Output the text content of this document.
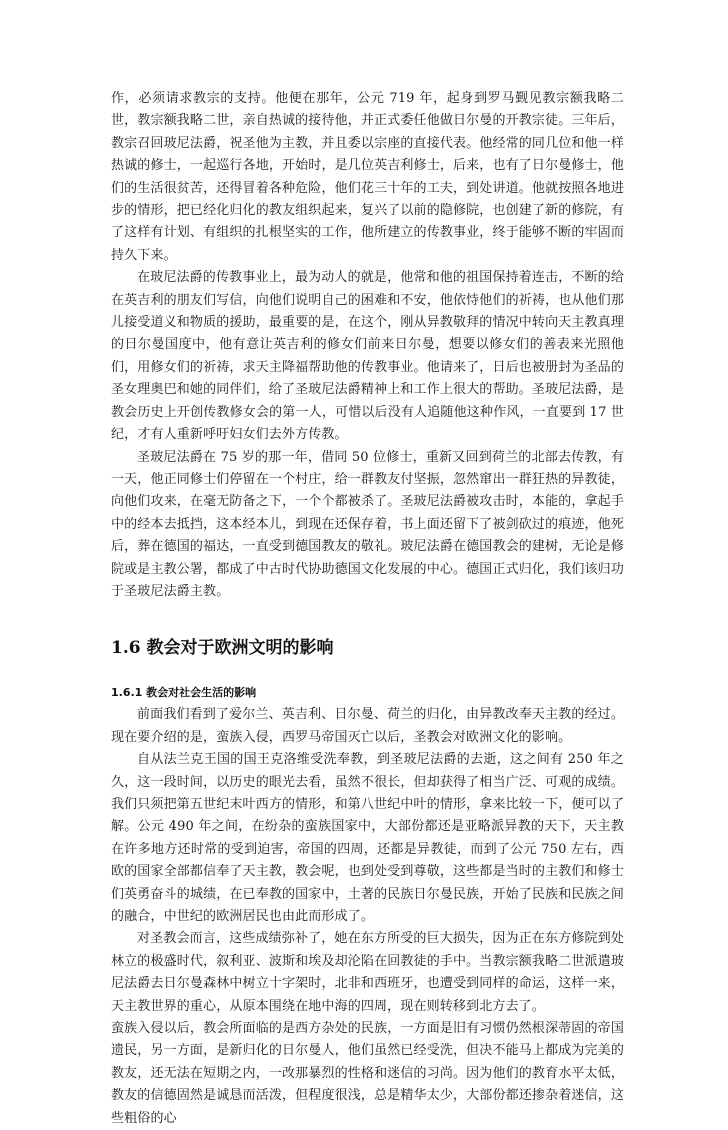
作，必须请求教宗的支持。他便在那年，公元 719 年，起身到罗马觐见教宗额我略二世，教宗额我略二世，亲自热诚的接待他，并正式委任他做日尔曼的开教宗徒。三年后，教宗召回玻尼法爵，祝圣他为主教，并且委以宗座的直接代表。他经常的同几位和他一样热诚的修士，一起巡行各地，开始时，是几位英吉利修士，后来，也有了日尔曼修士，他们的生活很贫苦，还得冒着各种危险，他们花三十年的工夫，到处讲道。他就按照各地进步的情形，把已经化归化的教友组织起来，复兴了以前的隐修院，也创建了新的修院，有了这样有计划、有组织的扎根坚实的工作，他所建立的传教事业，终于能够不断的牢固而持久下来。

在玻尼法爵的传教事业上，最为动人的就是，他常和他的祖国保持着连击，不断的给在英吉利的朋友们写信，向他们说明自己的困难和不安，他依恃他们的祈祷，也从他们那儿接受道义和物质的援助，最重要的是，在这个，刚从异教敬拜的情况中转向天主教真理的日尔曼国度中，他有意让英吉利的修女们前来日尔曼，想要以修女们的善表来光照他们，用修女们的祈祷，求天主降福帮助他的传教事业。他请来了，日后也被册封为圣品的圣女理奥巴和她的同伴们，给了圣玻尼法爵精神上和工作上很大的帮助。圣玻尼法爵，是教会历史上开创传教修女会的第一人，可惜以后没有人追随他这种作风，一直要到 17 世纪，才有人重新呼吁妇女们去外方传教。

圣玻尼法爵在 75 岁的那一年，借同 50 位修士，重新又回到荷兰的北部去传教，有一天，他正同修士们停留在一个村庄，给一群教友付坚振，忽然窜出一群狂热的异教徒，向他们攻来，在毫无防备之下，一个个都被杀了。圣玻尼法爵被攻击时，本能的，拿起手中的经本去抵挡，这本经本儿，到现在还保存着，书上面还留下了被剑砍过的痕迹，他死后，葬在德国的福达，一直受到德国教友的敬礼。玻尼法爵在德国教会的建树，无论是修院或是主教公署，都成了中古时代协助德国文化发展的中心。德国正式归化，我们该归功于圣玻尼法爵主教。

1.6 教会对于欧洲文明的影响
1.6.1 教会对社会生活的影响

前面我们看到了爱尔兰、英吉利、日尔曼、荷兰的归化，由异教改奉天主教的经过。现在要介绍的是，蛮族入侵，西罗马帝国灭亡以后，圣教会对欧洲文化的影响。

自从法兰克王国的国王克洛维受洗奉教，到圣玻尼法爵的去逝，这之间有 250 年之久，这一段时间，以历史的眼光去看，虽然不很长，但却获得了相当广泛、可观的成绩。我们只须把第五世纪末叶西方的情形，和第八世纪中叶的情形，拿来比较一下，便可以了解。公元 490 年之间，在纷杂的蛮族国家中，大部份都还是亚略派异教的天下，天主教在许多地方还时常的受到迫害，帝国的四周，还都是异教徒，而到了公元 750 左右，西欧的国家全部都信奉了天主教，教会呢，也到处受到尊敬，这些都是当时的主教们和修士们英勇奋斗的城绩，在已奉教的国家中，土著的民族日尔曼民族，开始了民族和民族之间的融合，中世纪的欧洲居民也由此而形成了。

对圣教会而言，这些成绩弥补了，她在东方所受的巨大损失，因为正在东方修院到处林立的极盛时代，叙利亚、波斯和埃及却沦陷在回教徒的手中。当教宗额我略二世派遣玻尼法爵去日尔曼森林中树立十字架时，北非和西班牙，也遭受到同样的命运，这样一来，天主教世界的重心，从原本围绕在地中海的四周，现在则转移到北方去了。

蛮族入侵以后，教会所面临的是西方杂处的民族，一方面是旧有习惯仍然根深蒂固的帝国遗民，另一方面，是新归化的日尔曼人，他们虽然已经受洗，但决不能马上都成为完美的教友，还无法在短期之内，一改那暴烈的性格和迷信的习尚。因为他们的教育水平太低，教友的信德固然是诚恳而活泼，但程度很浅，总是精华太少，大部份都还掺杂着迷信，这些粗俗的心
